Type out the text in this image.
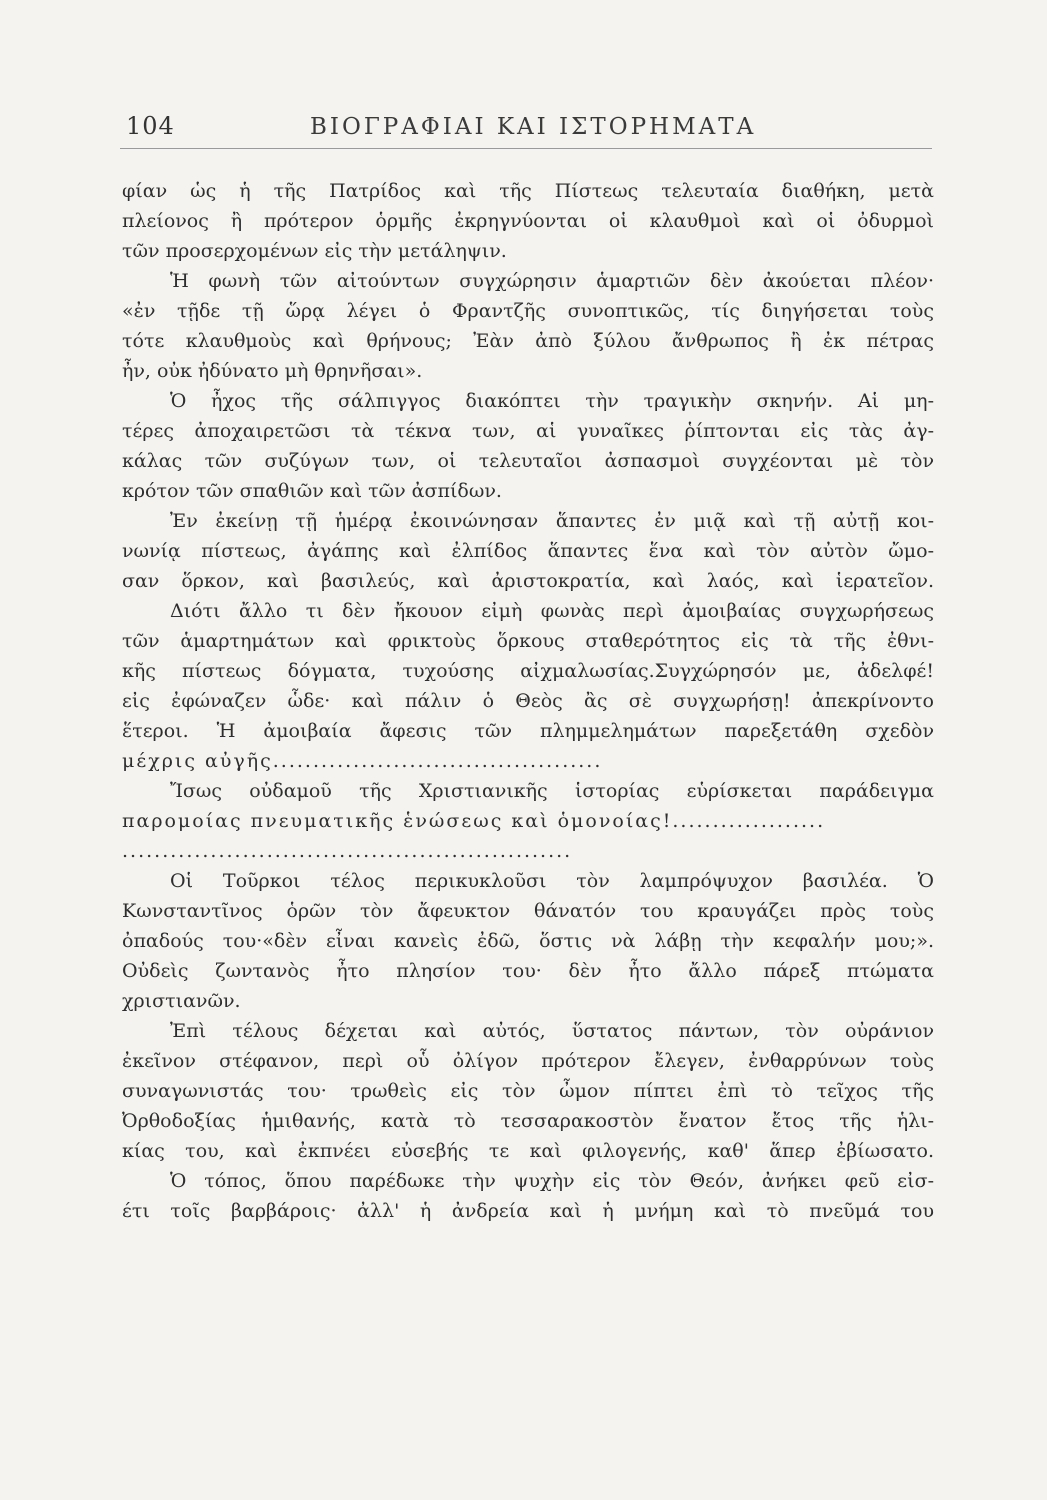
104	ΒΙΟΓΡΑΦΙΑΙ ΚΑΙ ΙΣΤΟΡΗΜΑΤΑ
φίαν ὡς ἡ τῆς Πατρίδος καὶ τῆς Πίστεως τελευταία διαθήκη, μετὰ
πλείονος ἢ πρότερον ὁρμῆς ἐκρηγνύονται οἱ κλαυθμοὶ καὶ οἱ ὀδυρμοὶ
τῶν προσερχομένων εἰς τὴν μετάληψιν.
Ἡ φωνὴ τῶν αἰτούντων συγχώρησιν ἁμαρτιῶν δὲν ἀκούεται πλέον·
«ἐν τῇδε τῇ ὥρᾳ λέγει ὁ Φραντζῆς συνοπτικῶς, τίς διηγήσεται τοὺς
τότε κλαυθμοὺς καὶ θρήνους; Ἐὰν ἀπὸ ξύλου ἄνθρωπος ἢ ἐκ πέτρας
ἦν, οὐκ ἠδύνατο μὴ θρηνῆσαι».
Ὁ ἦχος τῆς σάλπιγγος διακόπτει τὴν τραγικὴν σκηνήν. Αἱ μη-
τέρες ἀποχαιρετῶσι τὰ τέκνα των, αἱ γυναῖκες ῥίπτονται εἰς τὰς ἀγ-
κάλας τῶν συζύγων των, οἱ τελευταῖοι ἀσπασμοὶ συγχέονται μὲ τὸν
κρότον τῶν σπαθιῶν καὶ τῶν ἀσπίδων.
Ἐν ἐκείνῃ τῇ ἡμέρᾳ ἐκοινώνησαν ἅπαντες ἐν μιᾷ καὶ τῇ αὐτῇ κοι-
νωνίᾳ πίστεως, ἀγάπης καὶ ἐλπίδος ἅπαντες ἕνα καὶ τὸν αὐτὸν ὤμο-
σαν ὅρκον, καὶ βασιλεύς, καὶ ἀριστοκρατία, καὶ λαός, καὶ ἱερατεῖον.
Διότι ἄλλο τι δὲν ἤκουον εἰμὴ φωνὰς περὶ ἀμοιβαίας συγχωρήσεως
τῶν ἁμαρτημάτων καὶ φρικτοὺς ὅρκους σταθερότητος εἰς τὰ τῆς ἐθνι-
κῆς πίστεως δόγματα, τυχούσης αἰχμαλωσίας.Συγχώρησόν με, ἀδελφέ!
εἰς ἐφώναζεν ὧδε· καὶ πάλιν ὁ Θεὸς ἂς σὲ συγχωρήσῃ! ἀπεκρίνοντο
ἕτεροι. Ἡ ἀμοιβαία ἄφεσις τῶν πλημμελημάτων παρεξετάθη σχεδὸν
μέχρις αὐγῆς.........................................
Ἴσως οὐδαμοῦ τῆς Χριστιανικῆς ἱστορίας εὑρίσκεται παράδειγμα
παρομοίας πνευματικῆς ἑνώσεως καὶ ὁμονοίας!...................
........................................................
Οἱ Τοῦρκοι τέλος περικυκλοῦσι τὸν λαμπρόψυχον βασιλέα. Ὁ
Κωνσταντῖνος ὁρῶν τὸν ἄφευκτον θάνατόν του κραυγάζει πρὸς τοὺς
ὀπαδούς του·«δὲν εἶναι κανεὶς ἐδῶ, ὅστις νὰ λάβῃ τὴν κεφαλήν μου;».
Οὐδεὶς ζωντανὸς ἦτο πλησίον του· δὲν ἦτο ἄλλο πάρεξ πτώματα
χριστιανῶν.
Ἐπὶ τέλους δέχεται καὶ αὐτός, ὕστατος πάντων, τὸν οὐράνιον
ἐκεῖνον στέφανον, περὶ οὗ ὀλίγον πρότερον ἔλεγεν, ἐνθαρρύνων τοὺς
συναγωνιστάς του· τρωθεὶς εἰς τὸν ὦμον πίπτει ἐπὶ τὸ τεῖχος τῆς
Ὀρθοδοξίας ἡμιθανής, κατὰ τὸ τεσσαρακοστὸν ἔνατον ἔτος τῆς ἡλι-
κίας του, καὶ ἐκπνέει εὐσεβής τε καὶ φιλογενής, καθ' ἅπερ ἐβίωσατο.
Ὁ τόπος, ὅπου παρέδωκε τὴν ψυχὴν εἰς τὸν Θεόν, ἀνήκει φεῦ εἰσ-
έτι τοῖς βαρβάροις· ἀλλ' ἡ ἀνδρεία καὶ ἡ μνήμη καὶ τὸ πνεῦμά του
